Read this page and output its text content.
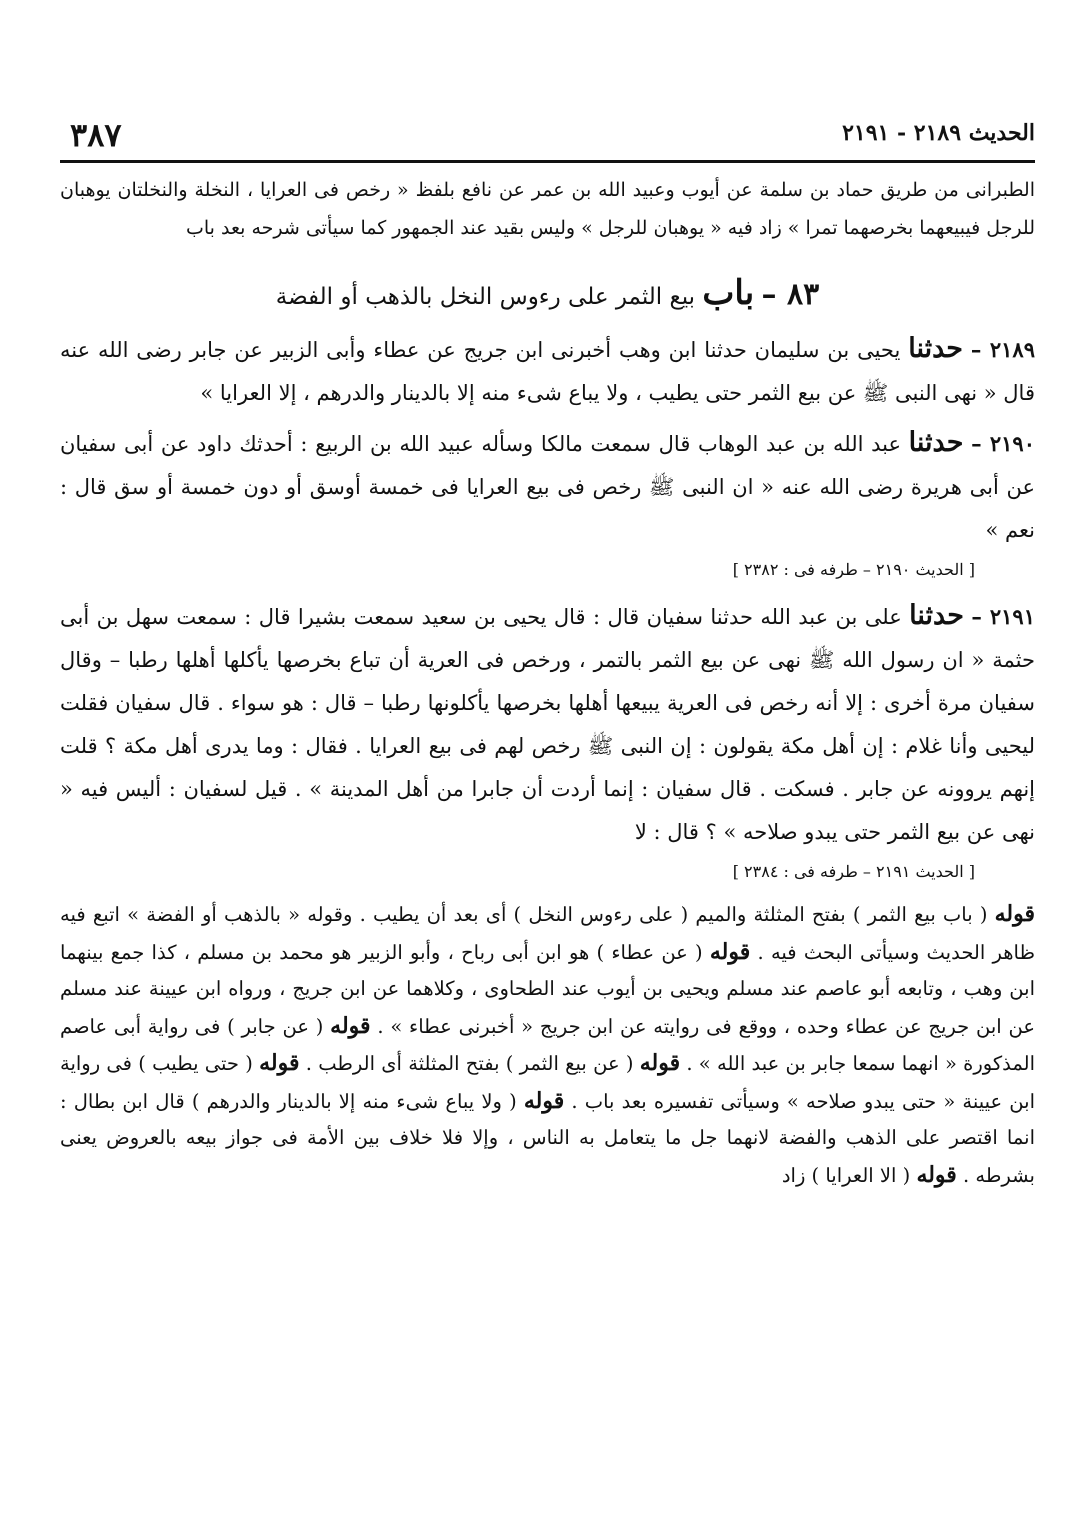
الحديث ٢١٨٩ - ٢١٩١
٣٨٧

الطبرانى من طريق حماد بن سلمة عن أيوب وعبيد الله بن عمر عن نافع بلفظ « رخص فى العرايا ، النخلة والنخلتان يوهبان للرجل فيبيعهما بخرصهما تمرا » زاد فيه « يوهبان للرجل » وليس بقيد عند الجمهور كما سيأتى شرحه بعد باب

٨٣ – باب بيع الثمر على رءوس النخل بالذهب أو الفضة
٢١٨٩ – حدثنا يحيى بن سليمان حدثنا ابن وهب أخبرنى ابن جريج عن عطاء وأبى الزبير عن جابر رضى الله عنه قال « نهى النبى ﷺ عن بيع الثمر حتى يطيب ، ولا يباع شىء منه إلا بالدينار والدرهم ، إلا العرايا »
٢١٩٠ – حدثنا عبد الله بن عبد الوهاب قال سمعت مالكا وسأله عبيد الله بن الربيع : أحدثك داود عن أبى سفيان عن أبى هريرة رضى الله عنه « ان النبى ﷺ رخص فى بيع العرايا فى خمسة أوسق أو دون خمسة أو سق قال : نعم »
[ الحديث ٢١٩٠ – طرفه فى : ٢٣٨٢ ]
٢١٩١ – حدثنا على بن عبد الله حدثنا سفيان قال : قال يحيى بن سعيد سمعت بشيرا قال : سمعت سهل بن أبى حثمة « ان رسول الله ﷺ نهى عن بيع الثمر بالتمر ، ورخص فى العرية أن تباع بخرصها يأكلها أهلها رطبا – وقال سفيان مرة أخرى : إلا أنه رخص فى العرية يبيعها أهلها بخرصها يأكلونها رطبا – قال : هو سواء . قال سفيان فقلت ليحيى وأنا غلام : إن أهل مكة يقولون : إن النبى ﷺ رخص لهم فى بيع العرايا . فقال : وما يدرى أهل مكة ؟ قلت إنهم يروونه عن جابر . فسكت . قال سفيان : إنما أردت أن جابرا من أهل المدينة » . قيل لسفيان : أليس فيه « نهى عن بيع الثمر حتى يبدو صلاحه » ؟ قال : لا
[ الحديث ٢١٩١ – طرفه فى : ٢٣٨٤ ]
قوله ( باب بيع الثمر ) بفتح المثلثة والميم ( على رءوس النخل ) أى بعد أن يطيب . وقوله « بالذهب أو الفضة » اتبع فيه ظاهر الحديث وسيأتى البحث فيه . قوله ( عن عطاء ) هو ابن أبى رباح ، وأبو الزبير هو محمد بن مسلم ، كذا جمع بينهما ابن وهب ، وتابعه أبو عاصم عند مسلم ويحيى بن أيوب عند الطحاوى ، وكلاهما عن ابن جريج ، ورواه ابن عيينة عند مسلم عن ابن جريج عن عطاء وحده ، ووقع فى روايته عن ابن جريج « أخبرنى عطاء » . قوله ( عن جابر ) فى رواية أبى عاصم المذكورة « انهما سمعا جابر بن عبد الله » . قوله ( عن بيع الثمر ) بفتح المثلثة أى الرطب . قوله ( حتى يطيب ) فى رواية ابن عيينة « حتى يبدو صلاحه » وسيأتى تفسيره بعد باب . قوله ( ولا يباع شىء منه إلا بالدينار والدرهم ) قال ابن بطال : انما اقتصر على الذهب والفضة لانهما جل ما يتعامل به الناس ، وإلا فلا خلاف بين الأمة فى جواز بيعه بالعروض يعنى بشرطه . قوله ( الا العرايا ) زاد
